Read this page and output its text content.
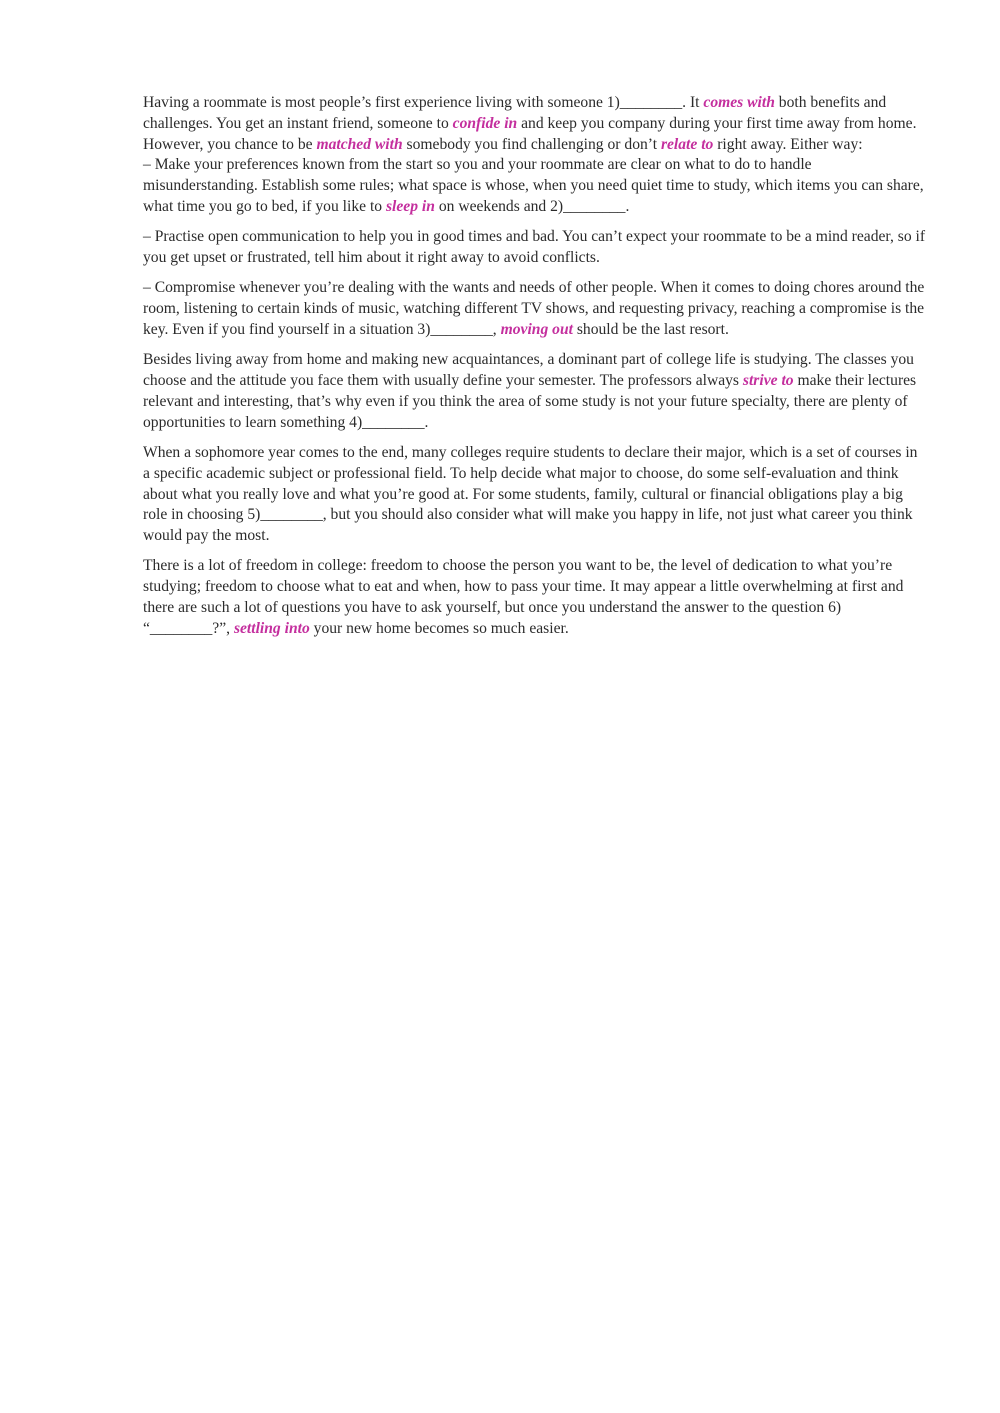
Having a roommate is most people’s first experience living with someone 1)________. It comes with both benefits and challenges. You get an instant friend, someone to confide in and keep you company during your first time away from home. However, you chance to be matched with somebody you find challenging or don’t relate to right away. Either way:

– Make your preferences known from the start so you and your roommate are clear on what to do to handle misunderstanding. Establish some rules; what space is whose, when you need quiet time to study, which items you can share, what time you go to bed, if you like to sleep in on weekends and 2)________.

– Practise open communication to help you in good times and bad. You can’t expect your roommate to be a mind reader, so if you get upset or frustrated, tell him about it right away to avoid conflicts.

– Compromise whenever you’re dealing with the wants and needs of other people. When it comes to doing chores around the room, listening to certain kinds of music, watching different TV shows, and requesting privacy, reaching a compromise is the key. Even if you find yourself in a situation 3)________, moving out should be the last resort.

Besides living away from home and making new acquaintances, a dominant part of college life is studying. The classes you choose and the attitude you face them with usually define your semester. The professors always strive to make their lectures relevant and interesting, that’s why even if you think the area of some study is not your future specialty, there are plenty of opportunities to learn something 4)________.

When a sophomore year comes to the end, many colleges require students to declare their major, which is a set of courses in a specific academic subject or professional field. To help decide what major to choose, do some self-evaluation and think about what you really love and what you’re good at. For some students, family, cultural or financial obligations play a big role in choosing 5)________, but you should also consider what will make you happy in life, not just what career you think would pay the most.

There is a lot of freedom in college: freedom to choose the person you want to be, the level of dedication to what you’re studying; freedom to choose what to eat and when, how to pass your time. It may appear a little overwhelming at first and there are such a lot of questions you have to ask yourself, but once you understand the answer to the question 6) “________?”, settling into your new home becomes so much easier.
